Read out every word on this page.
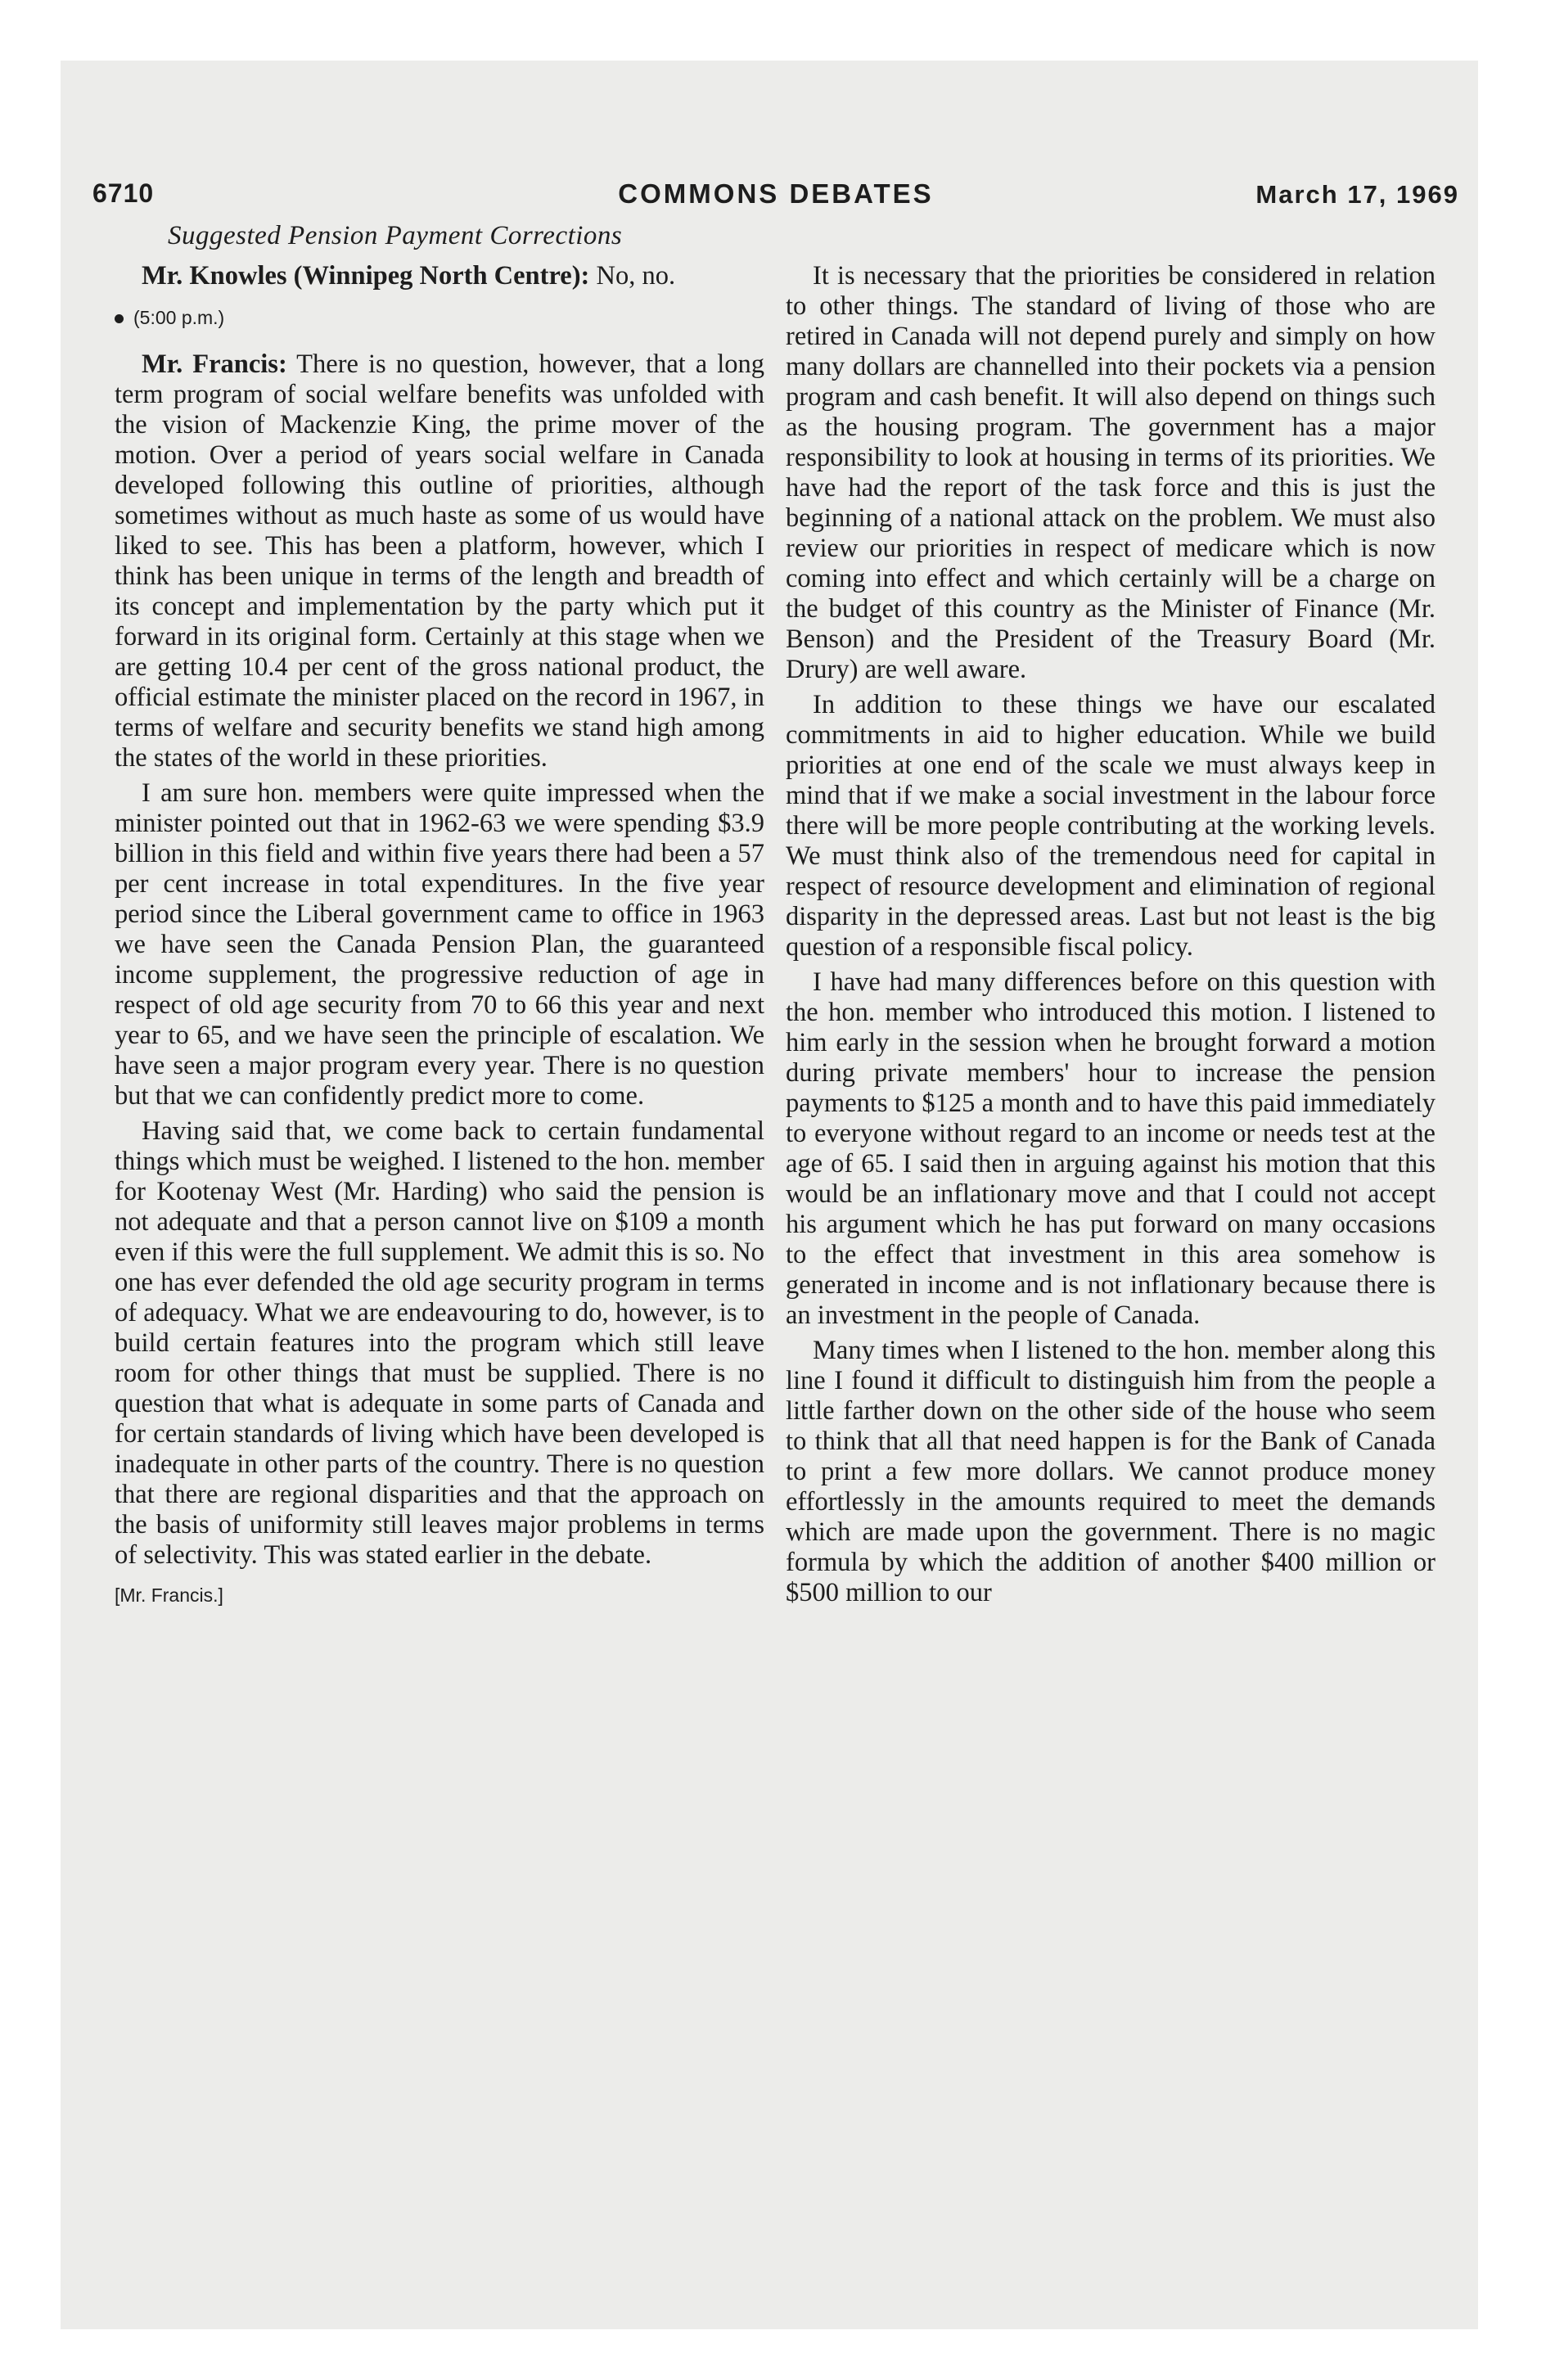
6710	COMMONS DEBATES	March 17, 1969
Suggested Pension Payment Corrections

Mr. Knowles (Winnipeg North Centre): No, no.

(5:00 p.m.)

Mr. Francis: There is no question, however, that a long term program of social welfare benefits was unfolded with the vision of Mackenzie King, the prime mover of the motion. Over a period of years social welfare in Canada developed following this outline of priorities, although sometimes without as much haste as some of us would have liked to see. This has been a platform, however, which I think has been unique in terms of the length and breadth of its concept and implementation by the party which put it forward in its original form. Certainly at this stage when we are getting 10.4 per cent of the gross national product, the official estimate the minister placed on the record in 1967, in terms of welfare and security benefits we stand high among the states of the world in these priorities.

I am sure hon. members were quite impressed when the minister pointed out that in 1962-63 we were spending $3.9 billion in this field and within five years there had been a 57 per cent increase in total expenditures. In the five year period since the Liberal government came to office in 1963 we have seen the Canada Pension Plan, the guaranteed income supplement, the progressive reduction of age in respect of old age security from 70 to 66 this year and next year to 65, and we have seen the principle of escalation. We have seen a major program every year. There is no question but that we can confidently predict more to come.

Having said that, we come back to certain fundamental things which must be weighed. I listened to the hon. member for Kootenay West (Mr. Harding) who said the pension is not adequate and that a person cannot live on $109 a month even if this were the full supplement. We admit this is so. No one has ever defended the old age security program in terms of adequacy. What we are endeavouring to do, however, is to build certain features into the program which still leave room for other things that must be supplied. There is no question that what is adequate in some parts of Canada and for certain standards of living which have been developed is inadequate in other parts of the country. There is no question that there are regional disparities and that the approach on the basis of uniformity still leaves major problems in terms of selectivity. This was stated earlier in the debate.

[Mr. Francis.]

It is necessary that the priorities be considered in relation to other things. The standard of living of those who are retired in Canada will not depend purely and simply on how many dollars are channelled into their pockets via a pension program and cash benefit. It will also depend on things such as the housing program. The government has a major responsibility to look at housing in terms of its priorities. We have had the report of the task force and this is just the beginning of a national attack on the problem. We must also review our priorities in respect of medicare which is now coming into effect and which certainly will be a charge on the budget of this country as the Minister of Finance (Mr. Benson) and the President of the Treasury Board (Mr. Drury) are well aware.

In addition to these things we have our escalated commitments in aid to higher education. While we build priorities at one end of the scale we must always keep in mind that if we make a social investment in the labour force there will be more people contributing at the working levels. We must think also of the tremendous need for capital in respect of resource development and elimination of regional disparity in the depressed areas. Last but not least is the big question of a responsible fiscal policy.

I have had many differences before on this question with the hon. member who introduced this motion. I listened to him early in the session when he brought forward a motion during private members' hour to increase the pension payments to $125 a month and to have this paid immediately to everyone without regard to an income or needs test at the age of 65. I said then in arguing against his motion that this would be an inflationary move and that I could not accept his argument which he has put forward on many occasions to the effect that investment in this area somehow is generated in income and is not inflationary because there is an investment in the people of Canada.

Many times when I listened to the hon. member along this line I found it difficult to distinguish him from the people a little farther down on the other side of the house who seem to think that all that need happen is for the Bank of Canada to print a few more dollars. We cannot produce money effortlessly in the amounts required to meet the demands which are made upon the government. There is no magic formula by which the addition of another $400 million or $500 million to our
